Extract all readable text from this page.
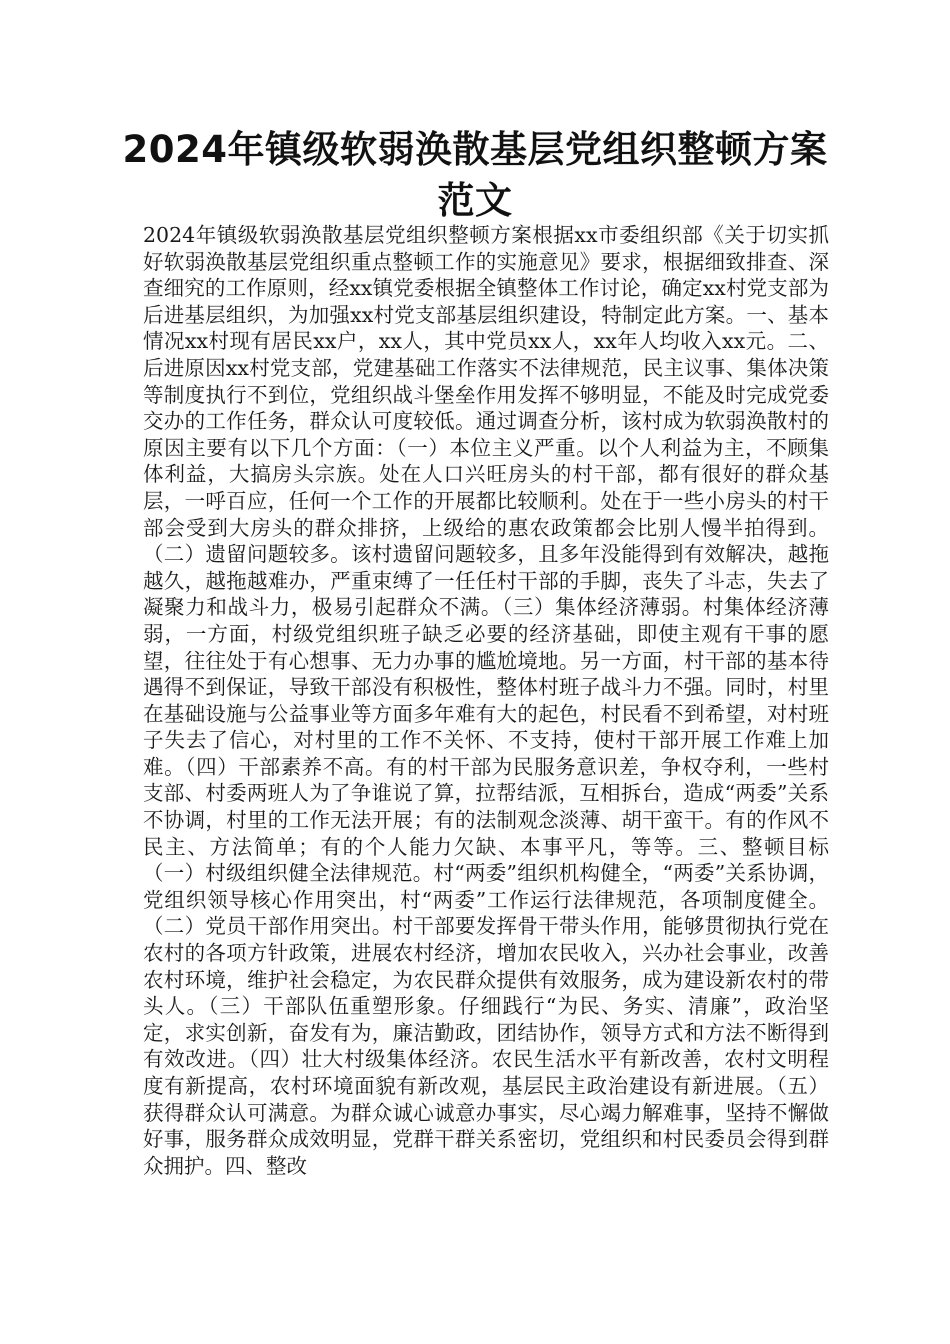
2024年镇级软弱涣散基层党组织整顿方案范文

2024年镇级软弱涣散基层党组织整顿方案根据xx市委组织部《关于切实抓好软弱涣散基层党组织重点整顿工作的实施意见》要求，根据细致排查、深查细究的工作原则，经xx镇党委根据全镇整体工作讨论，确定xx村党支部为后进基层组织，为加强xx村党支部基层组织建设，特制定此方案。一、基本情况xx村现有居民xx户，xx人，其中党员xx人，xx年人均收入xx元。二、后进原因xx村党支部，党建基础工作落实不法律规范，民主议事、集体决策等制度执行不到位，党组织战斗堡垒作用发挥不够明显，不能及时完成党委交办的工作任务，群众认可度较低。通过调查分析，该村成为软弱涣散村的原因主要有以下几个方面：（一）本位主义严重。以个人利益为主，不顾集体利益，大搞房头宗族。处在人口兴旺房头的村干部，都有很好的群众基层，一呼百应，任何一个工作的开展都比较顺利。处在于一些小房头的村干部会受到大房头的群众排挤，上级给的惠农政策都会比别人慢半拍得到。（二）遗留问题较多。该村遗留问题较多，且多年没能得到有效解决，越拖越久，越拖越难办，严重束缚了一任任村干部的手脚，丧失了斗志，失去了凝聚力和战斗力，极易引起群众不满。（三）集体经济薄弱。村集体经济薄弱，一方面，村级党组织班子缺乏必要的经济基础，即使主观有干事的愿望，往往处于有心想事、无力办事的尴尬境地。另一方面，村干部的基本待遇得不到保证，导致干部没有积极性，整体村班子战斗力不强。同时，村里在基础设施与公益事业等方面多年难有大的起色，村民看不到希望，对村班子失去了信心，对村里的工作不关怀、不支持，使村干部开展工作难上加难。（四）干部素养不高。有的村干部为民服务意识差，争权夺利，一些村支部、村委两班人为了争谁说了算，拉帮结派，互相拆台，造成“两委”关系不协调，村里的工作无法开展；有的法制观念淡薄、胡干蛮干。有的作风不民主、方法简单；有的个人能力欠缺、本事平凡，等等。三、整顿目标（一）村级组织健全法律规范。村“两委”组织机构健全，“两委”关系协调，党组织领导核心作用突出，村“两委”工作运行法律规范，各项制度健全。（二）党员干部作用突出。村干部要发挥骨干带头作用，能够贯彻执行党在农村的各项方针政策，进展农村经济，增加农民收入，兴办社会事业，改善农村环境，维护社会稳定，为农民群众提供有效服务，成为建设新农村的带头人。（三）干部队伍重塑形象。仔细践行“为民、务实、清廉”，政治坚定，求实创新，奋发有为，廉洁勤政，团结协作，领导方式和方法不断得到有效改进。（四）壮大村级集体经济。农民生活水平有新改善，农村文明程度有新提高，农村环境面貌有新改观，基层民主政治建设有新进展。（五）获得群众认可满意。为群众诚心诚意办事实，尽心竭力解难事，坚持不懈做好事，服务群众成效明显，党群干群关系密切，党组织和村民委员会得到群众拥护。四、整改
